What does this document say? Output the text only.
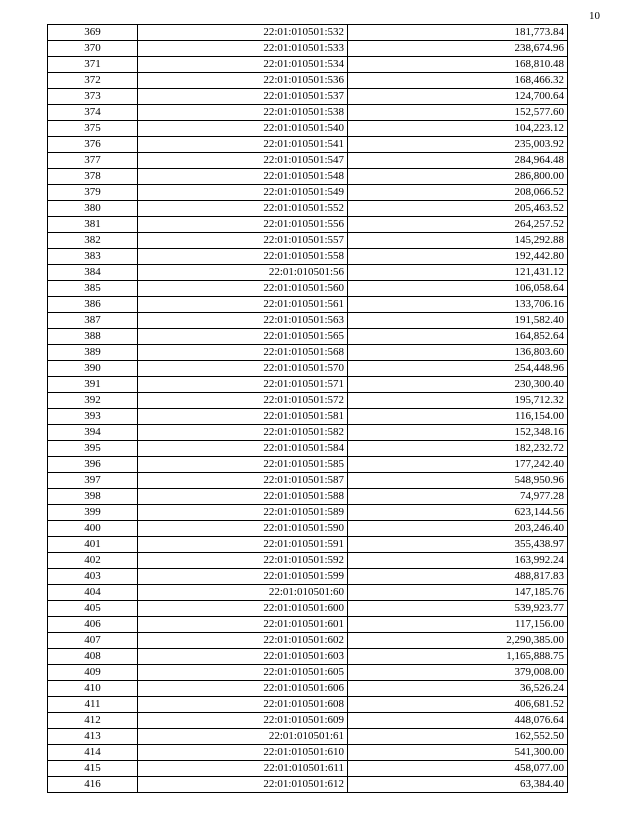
10
369	22:01:010501:532	181,773.84
370	22:01:010501:533	238,674.96
371	22:01:010501:534	168,810.48
372	22:01:010501:536	168,466.32
373	22:01:010501:537	124,700.64
374	22:01:010501:538	152,577.60
375	22:01:010501:540	104,223.12
376	22:01:010501:541	235,003.92
377	22:01:010501:547	284,964.48
378	22:01:010501:548	286,800.00
379	22:01:010501:549	208,066.52
380	22:01:010501:552	205,463.52
381	22:01:010501:556	264,257.52
382	22:01:010501:557	145,292.88
383	22:01:010501:558	192,442.80
384	22:01:010501:56	121,431.12
385	22:01:010501:560	106,058.64
386	22:01:010501:561	133,706.16
387	22:01:010501:563	191,582.40
388	22:01:010501:565	164,852.64
389	22:01:010501:568	136,803.60
390	22:01:010501:570	254,448.96
391	22:01:010501:571	230,300.40
392	22:01:010501:572	195,712.32
393	22:01:010501:581	116,154.00
394	22:01:010501:582	152,348.16
395	22:01:010501:584	182,232.72
396	22:01:010501:585	177,242.40
397	22:01:010501:587	548,950.96
398	22:01:010501:588	74,977.28
399	22:01:010501:589	623,144.56
400	22:01:010501:590	203,246.40
401	22:01:010501:591	355,438.97
402	22:01:010501:592	163,992.24
403	22:01:010501:599	488,817.83
404	22:01:010501:60	147,185.76
405	22:01:010501:600	539,923.77
406	22:01:010501:601	117,156.00
407	22:01:010501:602	2,290,385.00
408	22:01:010501:603	1,165,888.75
409	22:01:010501:605	379,008.00
410	22:01:010501:606	36,526.24
411	22:01:010501:608	406,681.52
412	22:01:010501:609	448,076.64
413	22:01:010501:61	162,552.50
414	22:01:010501:610	541,300.00
415	22:01:010501:611	458,077.00
416	22:01:010501:612	63,384.40
